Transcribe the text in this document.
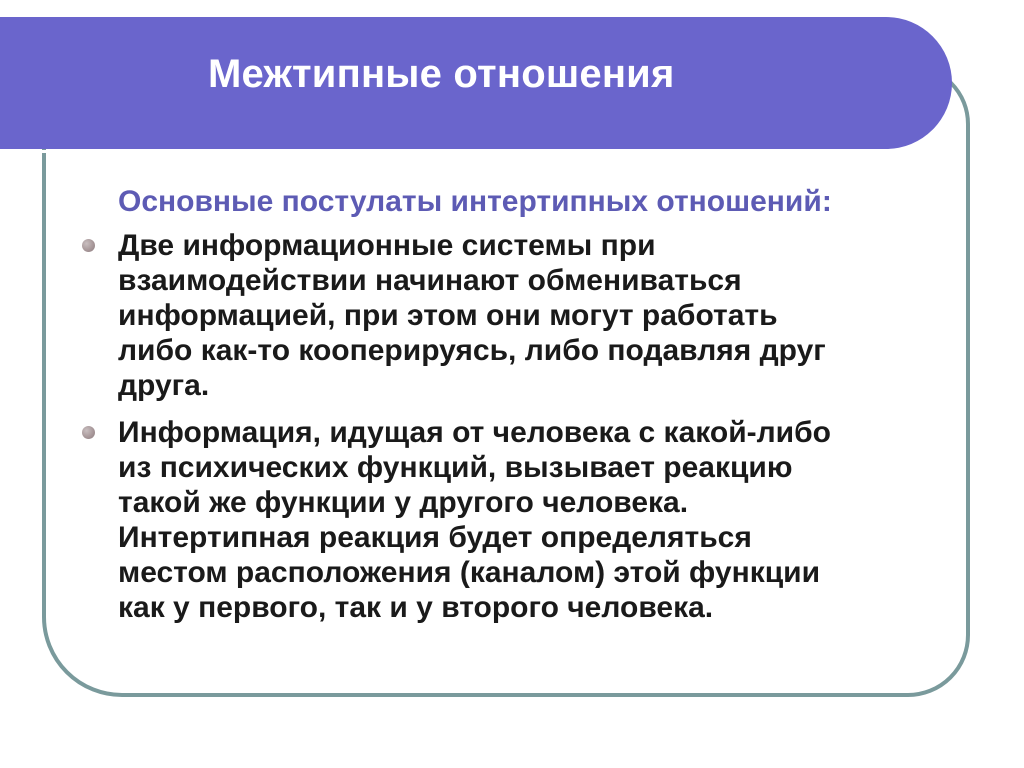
Межтипные отношения
Основные постулаты интертипных отношений:
Две информационные системы при
взаимодействии начинают обмениваться
информацией, при этом они могут работать
либо как-то кооперируясь, либо подавляя друг
друга.
Информация, идущая от человека с какой-либо
из психических функций, вызывает реакцию
такой же функции у другого человека.
Интертипная реакция будет определяться
местом расположения (каналом) этой функции
как у первого, так и у второго человека.
